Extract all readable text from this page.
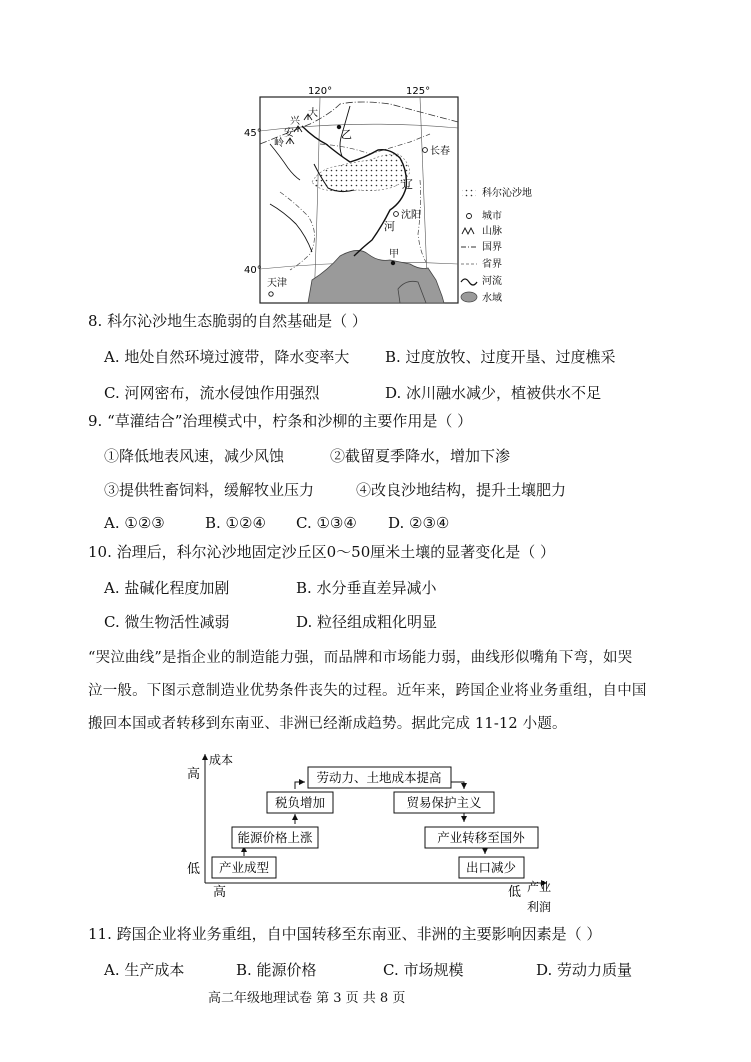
120°	125°
45°
40°
大
兴
安
岭
乙
长春
沈阳
甲
天津
辽
河
科尔沁沙地
城市
山脉
国界
省界
河流
水域
8. 科尔沁沙地生态脆弱的自然基础是（ ）
A. 地处自然环境过渡带，降水变率大 B. 过度放牧、过度开垦、过度樵采
C. 河网密布，流水侵蚀作用强烈	D. 冰川融水减少，植被供水不足
9. “草灌结合”治理模式中，柠条和沙柳的主要作用是（ ）
①降低地表风速，减少风蚀	②截留夏季降水，增加下渗
③提供牲畜饲料，缓解牧业压力	④改良沙地结构，提升土壤肥力
A. ①②③	B. ①②④ C. ①③④ D. ②③④
10. 治理后，科尔沁沙地固定沙丘区0～50厘米土壤的显著变化是（ ）
A. 盐碱化程度加剧	B. 水分垂直差异减小
C. 微生物活性减弱	D. 粒径组成粗化明显
“哭泣曲线”是指企业的制造能力强，而品牌和市场能力弱，曲线形似嘴角下弯，如哭
泣一般。下图示意制造业优势条件丧失的过程。近年来，跨国企业将业务重组，自中国
搬回本国或者转移到东南亚、非洲已经渐成趋势。据此完成 11-12 小题。
成本
高
低
高	低 产业
利润
劳动力、土地成本提高
税负增加	贸易保护主义
能源价格上涨	产业转移至国外
产业成型	出口减少
11. 跨国企业将业务重组，自中国转移至东南亚、非洲的主要影响因素是（ ）
A. 生产成本	B. 能源价格	C. 市场规模	D. 劳动力质量
高二年级地理试卷 第 3 页 共 8 页
